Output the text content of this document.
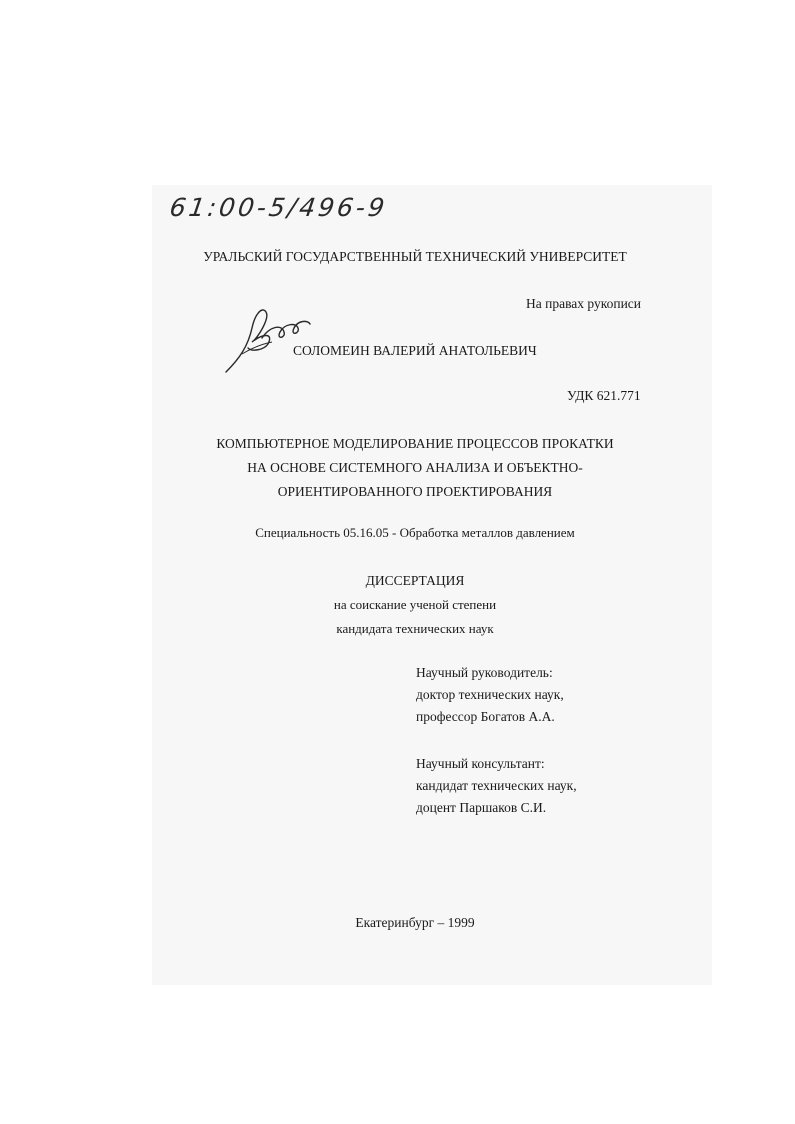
61:00-5/496-9
УРАЛЬСКИЙ ГОСУДАРСТВЕННЫЙ ТЕХНИЧЕСКИЙ УНИВЕРСИТЕТ
На правах рукописи
СОЛОМЕИН ВАЛЕРИЙ АНАТОЛЬЕВИЧ
УДК 621.771
КОМПЬЮТЕРНОЕ МОДЕЛИРОВАНИЕ ПРОЦЕССОВ ПРОКАТКИ
НА ОСНОВЕ СИСТЕМНОГО АНАЛИЗА И ОБЪЕКТНО-
ОРИЕНТИРОВАННОГО ПРОЕКТИРОВАНИЯ
Специальность 05.16.05 - Обработка металлов давлением
ДИССЕРТАЦИЯ
на соискание ученой степени
кандидата технических наук
Научный руководитель:
доктор технических наук,
профессор Богатов А.А.
Научный консультант:
кандидат технических наук,
доцент Паршаков С.И.
Екатеринбург – 1999
